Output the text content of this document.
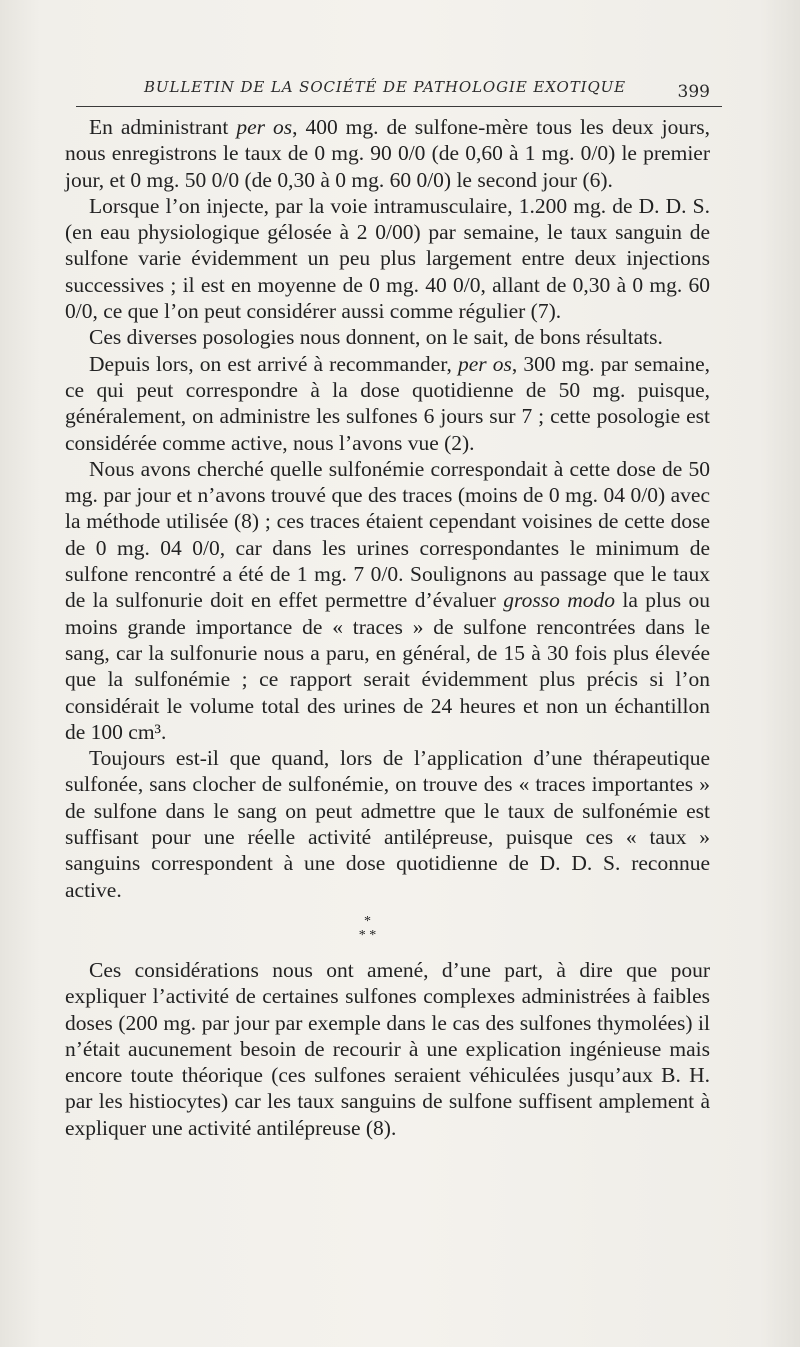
BULLETIN DE LA SOCIÉTÉ DE PATHOLOGIE EXOTIQUE	399

En administrant per os, 400 mg. de sulfone-mère tous les deux jours, nous enregistrons le taux de 0 mg. 90 0/0 (de 0,60 à 1 mg. 0/0) le premier jour, et 0 mg. 50 0/0 (de 0,30 à 0 mg. 60 0/0) le second jour (6).

Lorsque l’on injecte, par la voie intramusculaire, 1.200 mg. de D. D. S. (en eau physiologique gélosée à 2 0/00) par semaine, le taux sanguin de sulfone varie évidemment un peu plus largement entre deux injections successives ; il est en moyenne de 0 mg. 40 0/0, allant de 0,30 à 0 mg. 60 0/0, ce que l’on peut considérer aussi comme régulier (7).

Ces diverses posologies nous donnent, on le sait, de bons résultats.

Depuis lors, on est arrivé à recommander, per os, 300 mg. par semaine, ce qui peut correspondre à la dose quotidienne de 50 mg. puisque, généralement, on administre les sulfones 6 jours sur 7 ; cette posologie est considérée comme active, nous l’avons vue (2).

Nous avons cherché quelle sulfonémie correspondait à cette dose de 50 mg. par jour et n’avons trouvé que des traces (moins de 0 mg. 04 0/0) avec la méthode utilisée (8) ; ces traces étaient cependant voisines de cette dose de 0 mg. 04 0/0, car dans les urines correspondantes le minimum de sulfone rencontré a été de 1 mg. 7 0/0. Soulignons au passage que le taux de la sulfonurie doit en effet permettre d’évaluer grosso modo la plus ou moins grande importance de « traces » de sulfone rencontrées dans le sang, car la sulfonurie nous a paru, en général, de 15 à 30 fois plus élevée que la sulfonémie ; ce rapport serait évidemment plus précis si l’on considérait le volume total des urines de 24 heures et non un échantillon de 100 cm³.

Toujours est-il que quand, lors de l’application d’une thérapeutique sulfonée, sans clocher de sulfonémie, on trouve des « traces importantes » de sulfone dans le sang on peut admettre que le taux de sulfonémie est suffisant pour une réelle activité antilépreuse, puisque ces « taux » sanguins correspondent à une dose quotidienne de D. D. S. reconnue active.

*
* *

Ces considérations nous ont amené, d’une part, à dire que pour expliquer l’activité de certaines sulfones complexes administrées à faibles doses (200 mg. par jour par exemple dans le cas des sulfones thymolées) il n’était aucunement besoin de recourir à une explication ingénieuse mais encore toute théorique (ces sulfones seraient véhiculées jusqu’aux B. H. par les histiocytes) car les taux sanguins de sulfone suffisent amplement à expliquer une activité antilépreuse (8).
